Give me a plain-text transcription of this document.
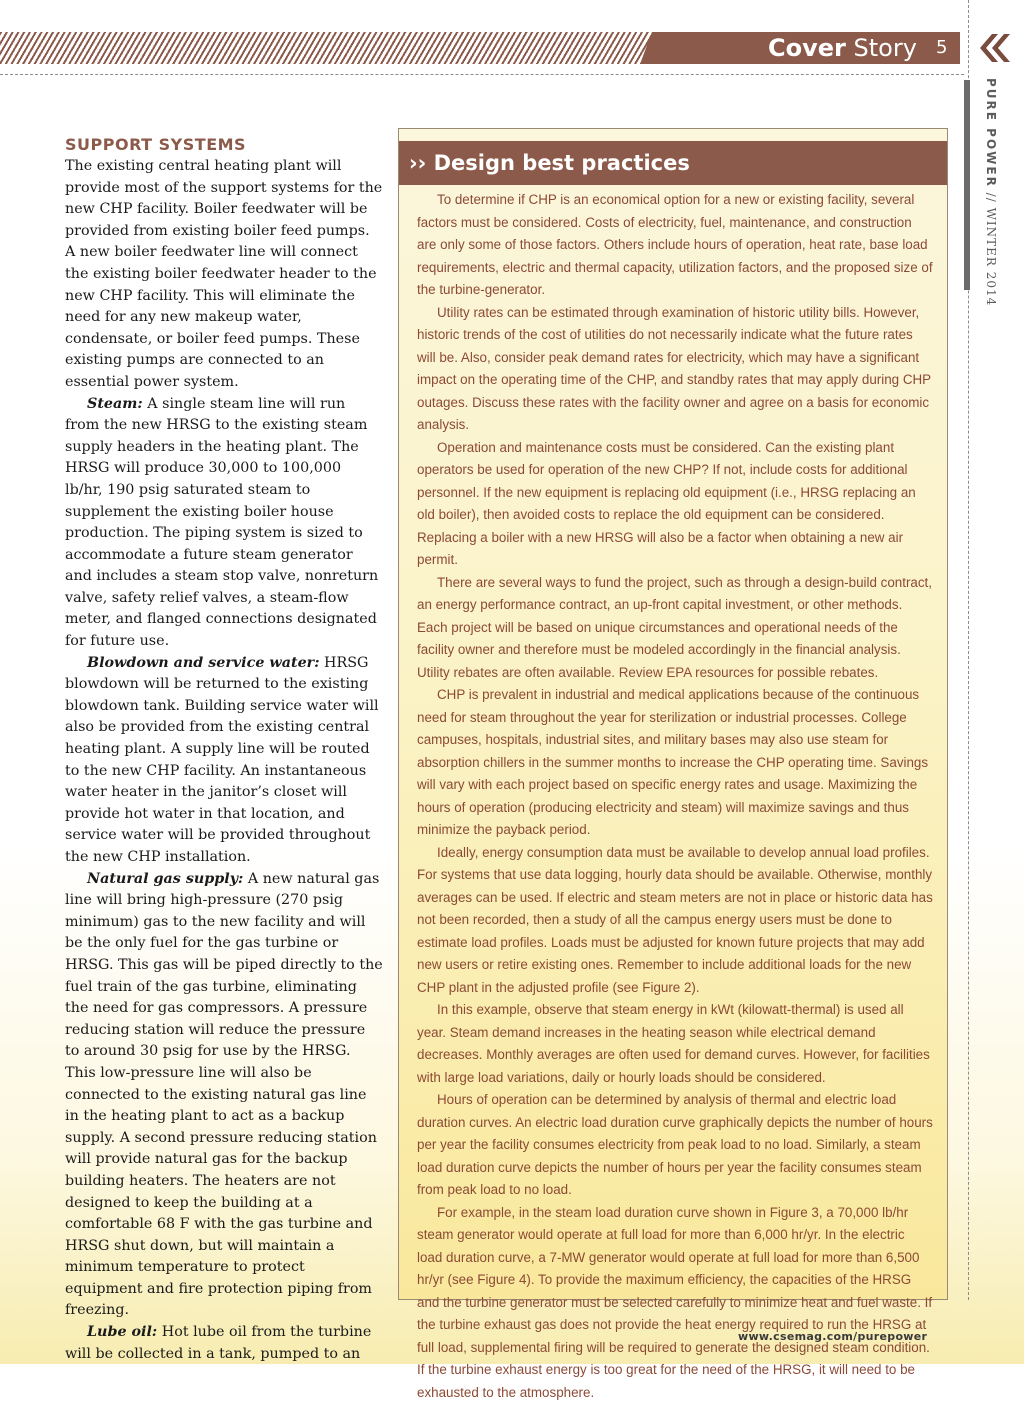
Cover Story 5
PURE POWER // WINTER 2014
SUPPORT SYSTEMS

The existing central heating plant will provide most of the support systems for the new CHP facility. Boiler feedwater will be provided from existing boiler feed pumps. A new boiler feedwater line will connect the existing boiler feedwater header to the new CHP facility. This will eliminate the need for any new makeup water, condensate, or boiler feed pumps. These existing pumps are connected to an essential power system.

Steam: A single steam line will run from the new HRSG to the existing steam supply headers in the heating plant. The HRSG will produce 30,000 to 100,000 lb/hr, 190 psig saturated steam to supplement the existing boiler house production. The piping system is sized to accommodate a future steam generator and includes a steam stop valve, nonreturn valve, safety relief valves, a steam-flow meter, and flanged connections designated for future use.

Blowdown and service water: HRSG blowdown will be returned to the existing blowdown tank. Building service water will also be provided from the existing central heating plant. A supply line will be routed to the new CHP facility. An instantaneous water heater in the janitor’s closet will provide hot water in that location, and service water will be provided throughout the new CHP installation.

Natural gas supply: A new natural gas line will bring high-pressure (270 psig minimum) gas to the new facility and will be the only fuel for the gas turbine or HRSG. This gas will be piped directly to the fuel train of the gas turbine, eliminating the need for gas compressors. A pressure reducing station will reduce the pressure to around 30 psig for use by the HRSG. This low-pressure line will also be connected to the existing natural gas line in the heating plant to act as a backup supply. A second pressure reducing station will provide natural gas for the backup building heaters. The heaters are not designed to keep the building at a comfortable 68 F with the gas turbine and HRSG shut down, but will maintain a minimum temperature to protect equipment and fire protection piping from freezing.

Lube oil: Hot lube oil from the turbine will be collected in a tank, pumped to an

›› Design best practices

To determine if CHP is an economical option for a new or existing facility, several factors must be considered. Costs of electricity, fuel, maintenance, and construction are only some of those factors. Others include hours of operation, heat rate, base load requirements, electric and thermal capacity, utilization factors, and the proposed size of the turbine-generator.

Utility rates can be estimated through examination of historic utility bills. However, historic trends of the cost of utilities do not necessarily indicate what the future rates will be. Also, consider peak demand rates for electricity, which may have a significant impact on the operating time of the CHP, and standby rates that may apply during CHP outages. Discuss these rates with the facility owner and agree on a basis for economic analysis.

Operation and maintenance costs must be considered. Can the existing plant operators be used for operation of the new CHP? If not, include costs for additional personnel. If the new equipment is replacing old equipment (i.e., HRSG replacing an old boiler), then avoided costs to replace the old equipment can be considered. Replacing a boiler with a new HRSG will also be a factor when obtaining a new air permit.

There are several ways to fund the project, such as through a design-build contract, an energy performance contract, an up-front capital investment, or other methods. Each project will be based on unique circumstances and operational needs of the facility owner and therefore must be modeled accordingly in the financial analysis. Utility rebates are often available. Review EPA resources for possible rebates.

CHP is prevalent in industrial and medical applications because of the continuous need for steam throughout the year for sterilization or industrial processes. College campuses, hospitals, industrial sites, and military bases may also use steam for absorption chillers in the summer months to increase the CHP operating time. Savings will vary with each project based on specific energy rates and usage. Maximizing the hours of operation (producing electricity and steam) will maximize savings and thus minimize the payback period.

Ideally, energy consumption data must be available to develop annual load profiles. For systems that use data logging, hourly data should be available. Otherwise, monthly averages can be used. If electric and steam meters are not in place or historic data has not been recorded, then a study of all the campus energy users must be done to estimate load profiles. Loads must be adjusted for known future projects that may add new users or retire existing ones. Remember to include additional loads for the new CHP plant in the adjusted profile (see Figure 2).

In this example, observe that steam energy in kWt (kilowatt-thermal) is used all year. Steam demand increases in the heating season while electrical demand decreases. Monthly averages are often used for demand curves. However, for facilities with large load variations, daily or hourly loads should be considered.

Hours of operation can be determined by analysis of thermal and electric load duration curves. An electric load duration curve graphically depicts the number of hours per year the facility consumes electricity from peak load to no load. Similarly, a steam load duration curve depicts the number of hours per year the facility consumes steam from peak load to no load.

For example, in the steam load duration curve shown in Figure 3, a 70,000 lb/hr steam generator would operate at full load for more than 6,000 hr/yr. In the electric load duration curve, a 7-MW generator would operate at full load for more than 6,500 hr/yr (see Figure 4). To provide the maximum efficiency, the capacities of the HRSG and the turbine generator must be selected carefully to minimize heat and fuel waste. If the turbine exhaust gas does not provide the heat energy required to run the HRSG at full load, supplemental firing will be required to generate the designed steam condition. If the turbine exhaust energy is too great for the need of the HRSG, it will need to be exhausted to the atmosphere.

www.csemag.com/purepower
